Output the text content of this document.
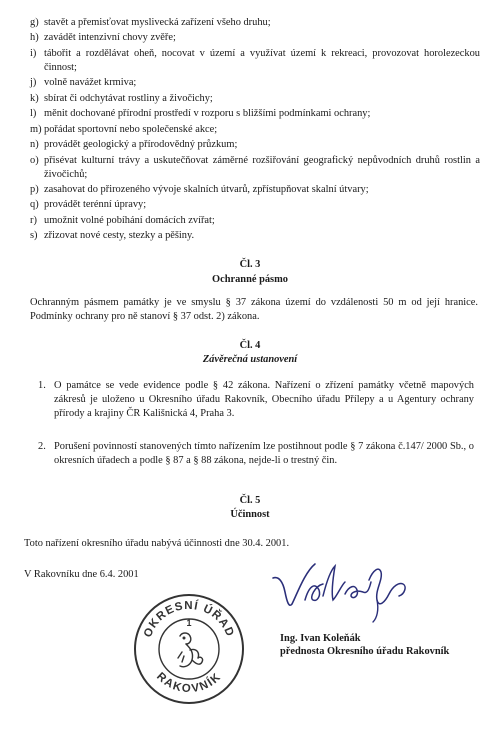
g) stavět a přemisťovat myslivecká zařízení všeho druhu;
h) zavádět intenzivní chovy zvěře;
i) tábořit a rozdělávat oheň, nocovat v území a využívat území k rekreaci, provozovat horolezeckou činnost;
j) volně navážet krmiva;
k) sbírat či odchytávat rostliny a živočichy;
l) měnit dochované přírodní prostředí v rozporu s bližšími podmínkami ochrany;
m) pořádat sportovní nebo společenské akce;
n) provádět geologický a přírodovědný průzkum;
o) přisévat kulturní trávy a uskutečňovat záměrné rozšiřování geografický nepůvodních druhů rostlin a živočichů;
p) zasahovat do přirozeného vývoje skalních útvarů, zpřístupňovat skalní útvary;
q) provádět terénní úpravy;
r) umožnit volné pobíhání domácích zvířat;
s) zřizovat nové cesty, stezky a pěšiny.
Čl. 3
Ochranné pásmo
Ochranným pásmem památky je ve smyslu § 37 zákona území do vzdálenosti 50 m od její hranice. Podmínky ochrany pro ně stanoví § 37 odst. 2) zákona.
Čl. 4
Závěrečná ustanovení
1. O památce se vede evidence podle § 42 zákona. Nařízení o zřízení památky včetně mapových zákresů je uloženo u Okresního úřadu Rakovník, Obecního úřadu Přílepy a u Agentury ochrany přírody a krajiny ČR Kališnická 4, Praha 3.
2. Porušení povinností stanovených tímto nařízením lze postihnout podle § 7 zákona č.147/ 2000 Sb., o okresních úřadech a podle § 87 a § 88 zákona, nejde-li o trestný čin.
Čl. 5
Účinnost
Toto nařízení okresního úřadu nabývá účinnosti dne 30.4. 2001.
V Rakovníku dne 6.4. 2001
OKRESNÍ ÚŘAD
RAKOVNÍK
1
Ing. Ivan Koleňák
přednosta Okresního úřadu Rakovník
